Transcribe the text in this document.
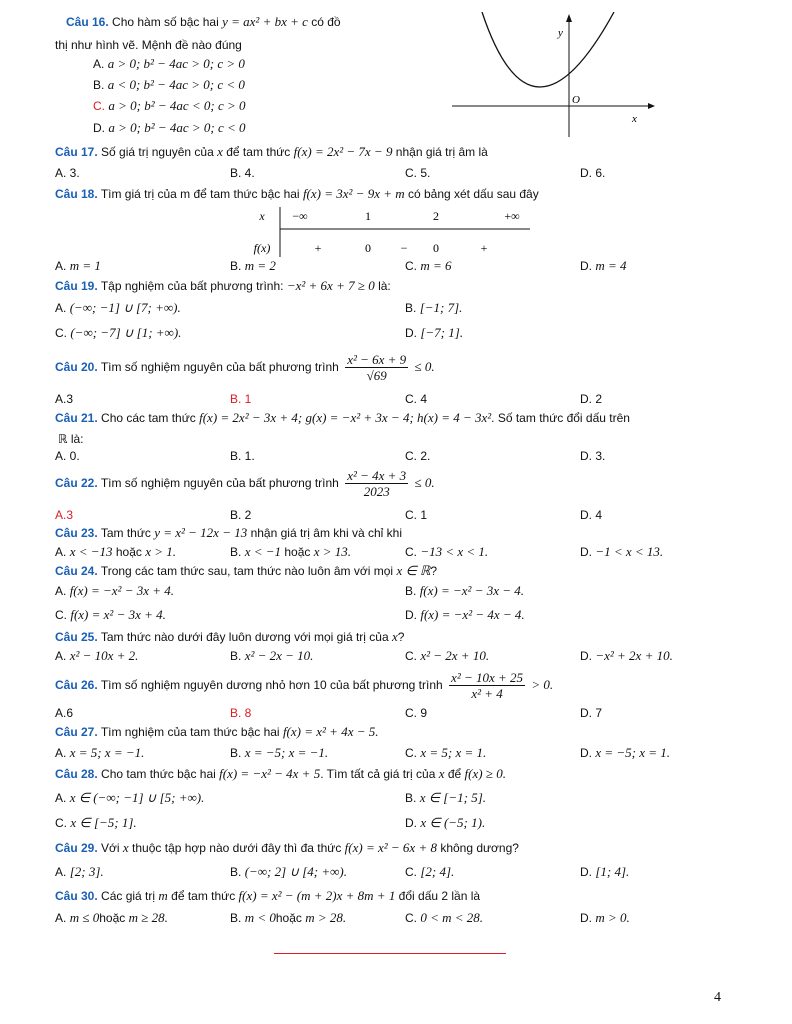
Câu 16. Cho hàm số bậc hai y = ax² + bx + c có đồ
thị như hình vẽ. Mệnh đề nào đúng
A. a > 0; b² − 4ac > 0; c > 0
B. a < 0; b² − 4ac > 0; c < 0
C. a > 0; b² − 4ac < 0; c > 0
D. a > 0; b² − 4ac > 0; c < 0
y
x
O
Câu 17. Số giá trị nguyên của x để tam thức f(x) = 2x² − 7x − 9 nhận giá trị âm là
A. 3.	B. 4.	C. 5.	D. 6.
Câu 18. Tìm giá trị của m để tam thức bậc hai f(x) = 3x² − 9x + m có bảng xét dấu sau đây
x −∞	1	2	+∞
f(x)	+	0 − 0	+
A. m = 1	B. m = 2	C. m = 6	D. m = 4
Câu 19. Tập nghiệm của bất phương trình: −x² + 6x + 7 ≥ 0 là:
A. (−∞; −1] ∪ [7; +∞).	B. [−1; 7].
C. (−∞; −7] ∪ [1; +∞).	D. [−7; 1].
Câu 20. Tìm số nghiệm nguyên của bất phương trình $\frac{\text{x² − 6x + 9}}{√69} \le 0$.
A.3	B. 1	C. 4	D. 2
Câu 21. Cho các tam thức f(x) = 2x² − 3x + 4; g(x) = −x² + 3x − 4; h(x) = 4 − 3x². Số tam thức đổi dấu trên
ℝ là:
A. 0.	B. 1.	C. 2.	D. 3.
Câu 22. Tìm số nghiệm nguyên của bất phương trình $\frac{\text{x² − 4x + 3}}{2023} \le 0$.
A.3	B. 2	C. 1	D. 4
Câu 23. Tam thức y = x² − 12x − 13 nhận giá trị âm khi và chỉ khi
A. x < −13 hoặc x > 1.	B. x < −1 hoặc x > 13.	C. −13 < x < 1.	D. −1 < x < 13.
Câu 24. Trong các tam thức sau, tam thức nào luôn âm với mọi x ∈ ℝ?
A. f(x) = −x² − 3x + 4.	B. f(x) = −x² − 3x − 4.
C. f(x) = x² − 3x + 4.	D. f(x) = −x² − 4x − 4.
Câu 25. Tam thức nào dưới đây luôn dương với mọi giá trị của x?
A. x² − 10x + 2.	B. x² − 2x − 10.	C. x² − 2x + 10.	D. −x² + 2x + 10.
Câu 26. Tìm số nghiệm nguyên dương nhỏ hơn 10 của bất phương trình $\frac{\text{x² − 10x + 25}}{\text{x² + 4}} > 0$.
A.6	B. 8	C. 9	D. 7
Câu 27. Tìm nghiệm của tam thức bậc hai f(x) = x² + 4x − 5.
A. x = 5; x = −1.	B. x = −5; x = −1.	C. x = 5; x = 1.	D. x = −5; x = 1.
Câu 28. Cho tam thức bậc hai f(x) = −x² − 4x + 5. Tìm tất cả giá trị của x để f(x) ≥ 0.
A. x ∈ (−∞; −1] ∪ [5; +∞).	B. x ∈ [−1; 5].
C. x ∈ [−5; 1].	D. x ∈ (−5; 1).
Câu 29. Với x thuộc tập hợp nào dưới đây thì đa thức f(x) = x² − 6x + 8 không dương?
A. [2; 3].	B. (−∞; 2] ∪ [4; +∞).	C. [2; 4].	D. [1; 4].
Câu 30. Các giá trị m để tam thức f(x) = x² − (m + 2)x + 8m + 1 đổi dấu 2 lần là
A. m ≤ 0hoặc m ≥ 28.	B. m < 0hoặc m > 28.	C. 0 < m < 28.	D. m > 0.
4
